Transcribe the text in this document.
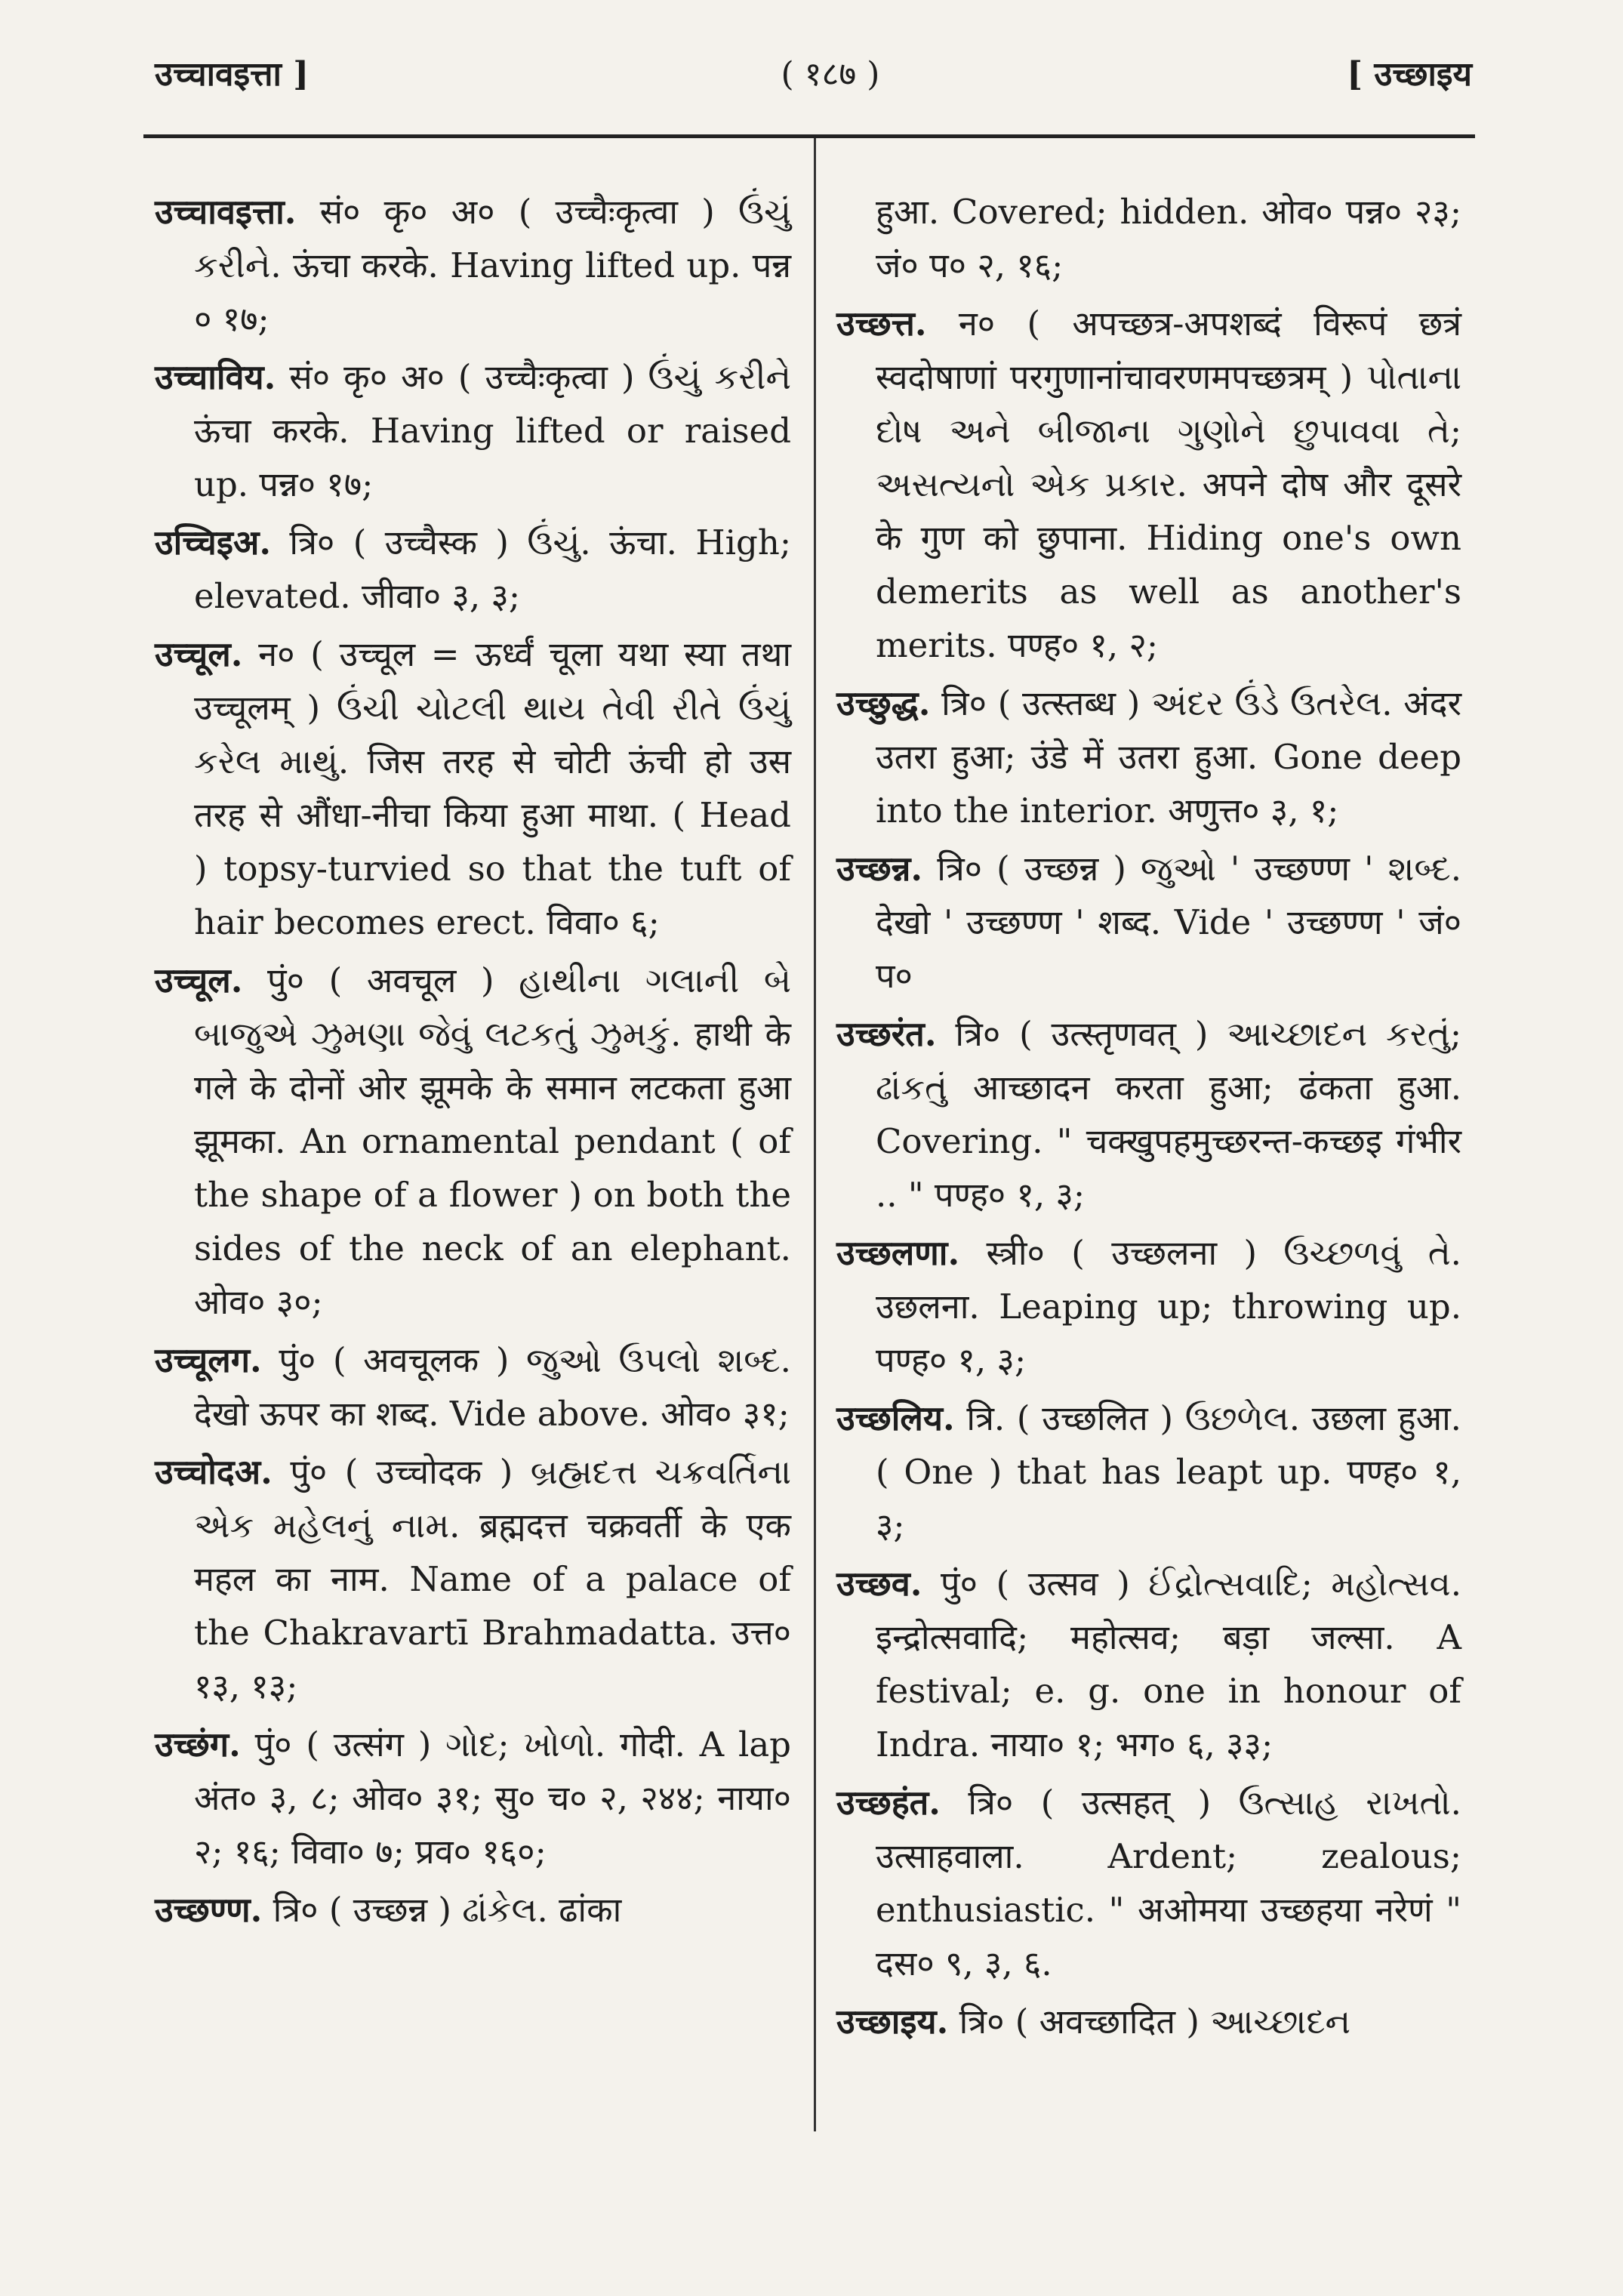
उच्चावइत्ता ]	( १८७ )	[ उच्छाइय

उच्चावइत्ता. सं० कृ० अ० ( उच्चैःकृत्वा ) ઉંચું કરીને. ऊंचा करके. Having lifted up. पन्न ० १७;

उच्चाविय. सं० कृ० अ० ( उच्चैःकृत्वा ) ઉંચું કરીને ऊंचा करके. Having lifted or raised up. पन्न० १७;

उच्चिइअ. त्रि० ( उच्चैस्क ) ઉંચું. ऊंचा. High; elevated. जीवा० ३, ३;

उच्चूल. न० ( उच्चूल = ऊर्ध्वं चूला यथा स्या तथा उच्चूलम् ) ઉંચી ચોટલી થાય તેવી રીતે ઉંચું કરેલ માથું. जिस तरह से चोटी ऊंची हो उस तरह से औंधा-नीचा किया हुआ माथा. ( Head ) topsy-turvied so that the tuft of hair becomes erect. विवा० ६;

उच्चूल. पुं० ( अवचूल ) હાથીના ગલાની બે બાજુએ ઝુમણા જેવું લટકતું ઝુમકું. हाथी के गले के दोनों ओर झूमके के समान लटकता हुआ झूमका. An ornamental pendant ( of the shape of a flower ) on both the sides of the neck of an elephant. ओव० ३०;

उच्चूलग. पुं० ( अवचूलक ) જુઓ ઉપલો શબ્દ. देखो ऊपर का शब्द. Vide above. ओव० ३१;

उच्चोदअ. पुं० ( उच्चोदक ) બ્રહ્મદત્ત ચક્રવર્તિના એક મહેલનું નામ. ब्रह्मदत्त चक्रवर्ती के एक महल का नाम. Name of a palace of the Chakravartī Brahmadatta. उत्त० १३, १३;

उच्छंग. पुं० ( उत्संग ) ગોદ; ખોળો. गोदी. A lap अंत० ३, ८; ओव० ३१; सु० च० २, २४४; नाया० २; १६; विवा० ७; प्रव० १६०;

उच्छण्ण. त्रि० ( उच्छन्न ) ઢાંકેલ. ढांका

हुआ. Covered; hidden. ओव० पन्न० २३; जं० प० २, १६;

उच्छत्त. न० ( अपच्छत्र-अपशब्दं विरूपं छत्रं स्वदोषाणां परगुणानांचावरणमपच्छत्रम् ) પોતાના દોષ અને બીજાના ગુણોને છુપાવવા તે; અસત્યનો એક પ્રકાર. अपने दोष और दूसरे के गुण को छुपाना. Hiding one's own demerits as well as another's merits. पण्ह० १, २;

उच्छुद्ध. त्रि० ( उत्स्तब्ध ) અંદર ઉંડે ઉતરેલ. अंदर उतरा हुआ; उंडे में उतरा हुआ. Gone deep into the interior. अणुत्त० ३, १;

उच्छन्न. त्रि० ( उच्छन्न ) જુઓ ' उच्छण्ण ' શબ્દ. देखो ' उच्छण्ण ' शब्द. Vide ' उच्छण्ण ' जं० प०

उच्छरंत. त्रि० ( उत्स्तृणवत् ) આચ્છાદન કરતું; ઢાંકતું आच्छादन करता हुआ; ढंकता हुआ. Covering. " चक्खुपहमुच्छरन्त-कच्छइ गंभीर .. " पण्ह० १, ३;

उच्छलणा. स्त्री० ( उच्छलना ) ઉચ્છળવું તે. उछलना. Leaping up; throwing up. पण्ह० १, ३;

उच्छलिय. त्रि. ( उच्छलित ) ઉછળેલ. उछला हुआ. ( One ) that has leapt up. पण्ह० १, ३;

उच्छव. पुं० ( उत्सव ) ઈંદ્રોત્સવાદિ; મહોત્સવ. इन्द्रोत्सवादि; महोत्सव; बड़ा जल्सा. A festival; e. g. one in honour of Indra. नाया० १; भग० ६, ३३;

उच्छहंत. त्रि० ( उत्सहत् ) ઉત્સાહ રાખતો. उत्साहवाला. Ardent; zealous; enthusiastic. " अओमया उच्छहया नरेणं " दस० ९, ३, ६.

उच्छाइय. त्रि० ( अवच्छादित ) આચ્છાદન
